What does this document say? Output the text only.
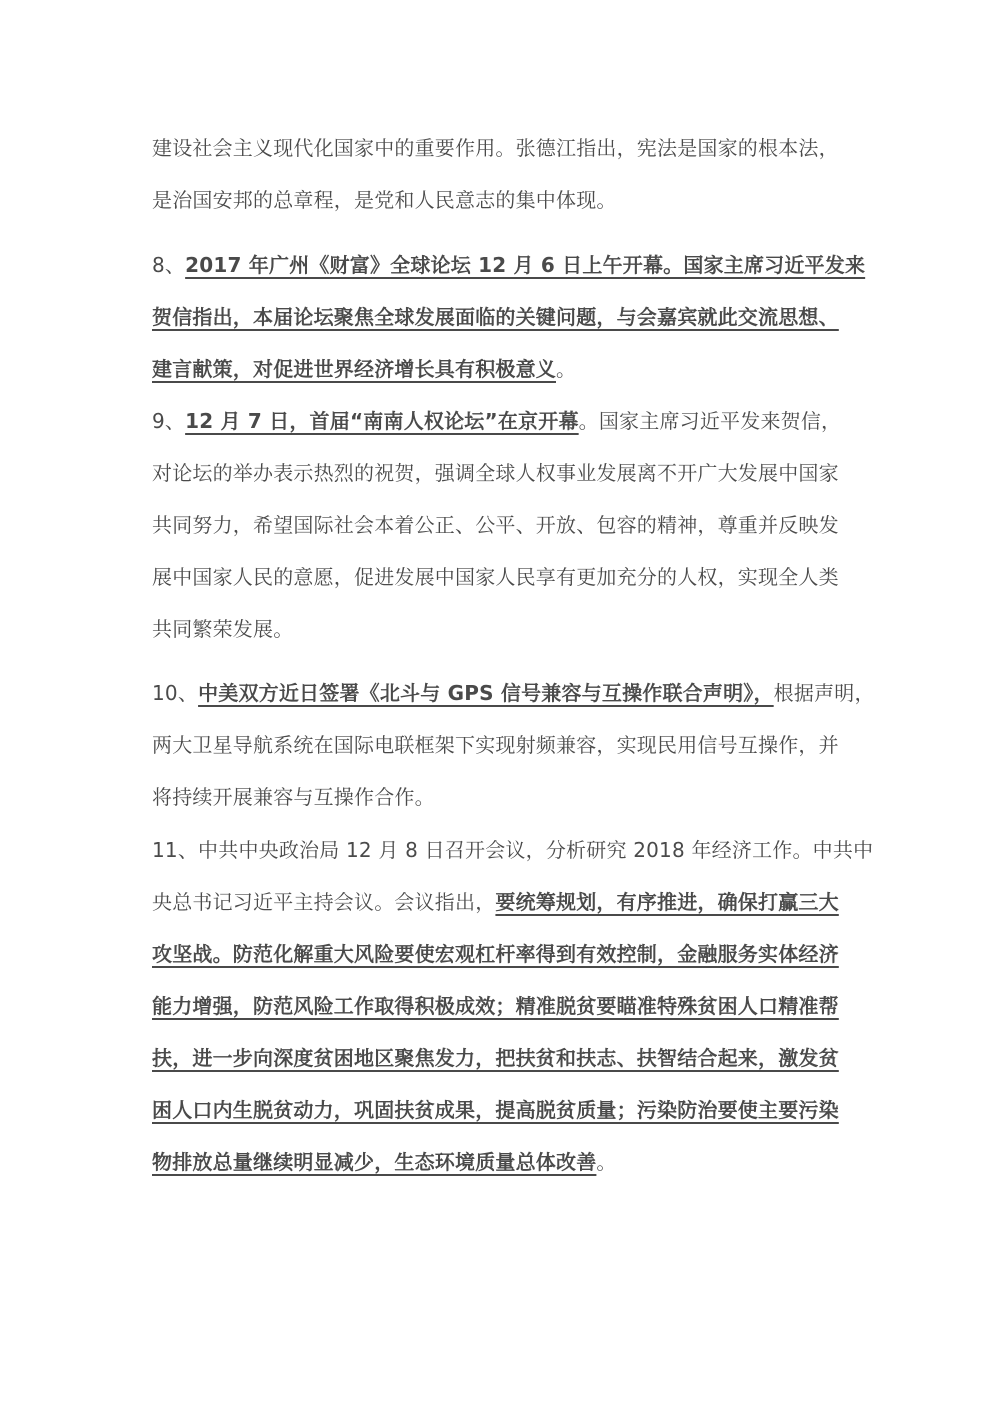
建设社会主义现代化国家中的重要作用。张德江指出，宪法是国家的根本法，
是治国安邦的总章程，是党和人民意志的集中体现。
8、2017 年广州《财富》全球论坛 12 月 6 日上午开幕。国家主席习近平发来
贺信指出，本届论坛聚焦全球发展面临的关键问题，与会嘉宾就此交流思想、
建言献策，对促进世界经济增长具有积极意义。
9、12 月 7 日，首届“南南人权论坛”在京开幕。国家主席习近平发来贺信，
对论坛的举办表示热烈的祝贺，强调全球人权事业发展离不开广大发展中国家
共同努力，希望国际社会本着公正、公平、开放、包容的精神，尊重并反映发
展中国家人民的意愿，促进发展中国家人民享有更加充分的人权，实现全人类
共同繁荣发展。
10、中美双方近日签署《北斗与 GPS 信号兼容与互操作联合声明》，根据声明，
两大卫星导航系统在国际电联框架下实现射频兼容，实现民用信号互操作，并
将持续开展兼容与互操作合作。
11、中共中央政治局 12 月 8 日召开会议，分析研究 2018 年经济工作。中共中
央总书记习近平主持会议。会议指出，要统筹规划，有序推进，确保打赢三大
攻坚战。防范化解重大风险要使宏观杠杆率得到有效控制，金融服务实体经济
能力增强，防范风险工作取得积极成效；精准脱贫要瞄准特殊贫困人口精准帮
扶，进一步向深度贫困地区聚焦发力，把扶贫和扶志、扶智结合起来，激发贫
困人口内生脱贫动力，巩固扶贫成果，提高脱贫质量；污染防治要使主要污染
物排放总量继续明显减少，生态环境质量总体改善。
